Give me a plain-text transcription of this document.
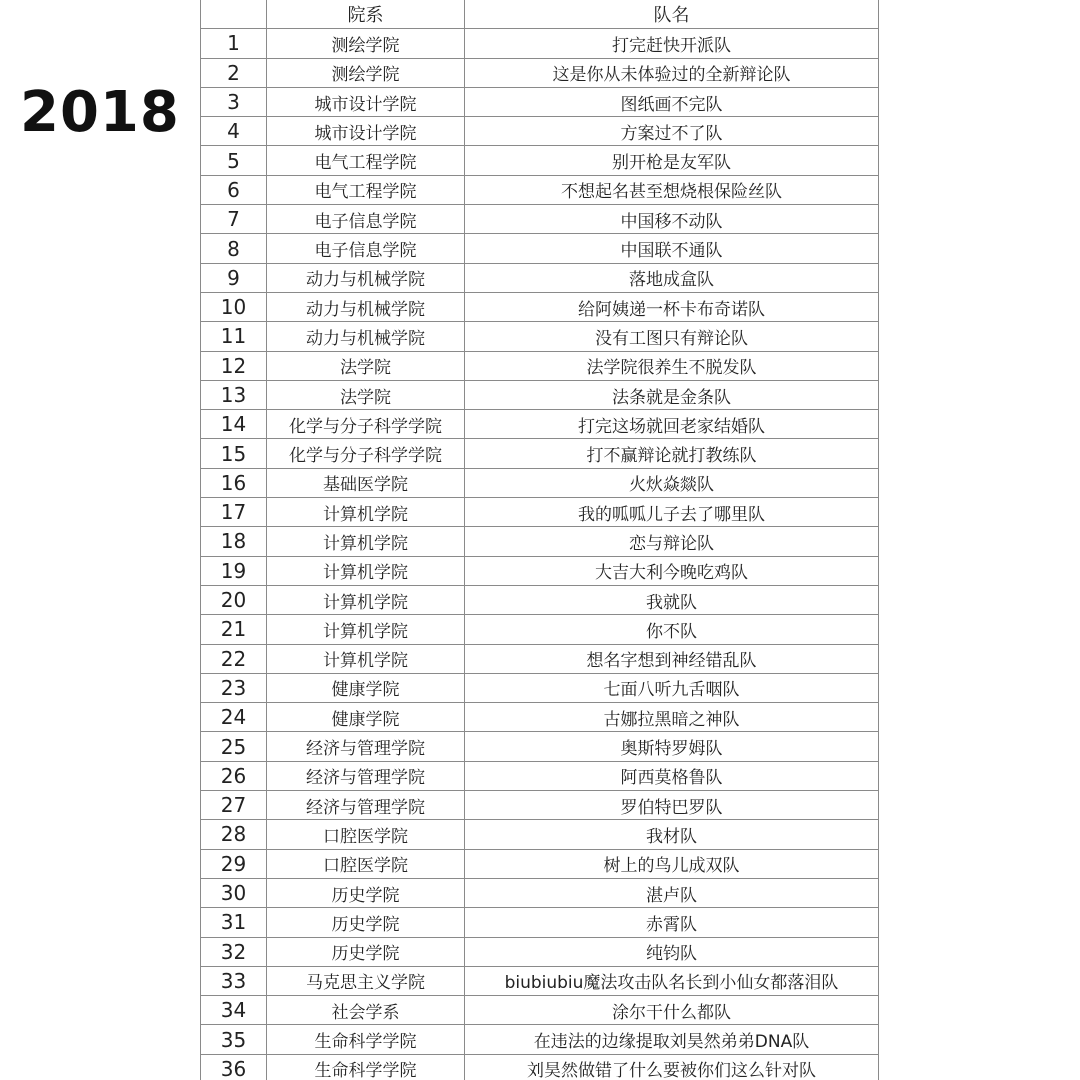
2018
	院系	队名
1	测绘学院	打完赶快开派队
2	测绘学院	这是你从未体验过的全新辩论队
3	城市设计学院	图纸画不完队
4	城市设计学院	方案过不了队
5	电气工程学院	别开枪是友军队
6	电气工程学院	不想起名甚至想烧根保险丝队
7	电子信息学院	中国移不动队
8	电子信息学院	中国联不通队
9	动力与机械学院	落地成盒队
10	动力与机械学院	给阿姨递一杯卡布奇诺队
11	动力与机械学院	没有工图只有辩论队
12	法学院	法学院很养生不脱发队
13	法学院	法条就是金条队
14	化学与分子科学学院	打完这场就回老家结婚队
15	化学与分子科学学院	打不赢辩论就打教练队
16	基础医学院	火炏焱燚队
17	计算机学院	我的呱呱儿子去了哪里队
18	计算机学院	恋与辩论队
19	计算机学院	大吉大利今晚吃鸡队
20	计算机学院	我就队
21	计算机学院	你不队
22	计算机学院	想名字想到神经错乱队
23	健康学院	七面八听九舌咽队
24	健康学院	古娜拉黑暗之神队
25	经济与管理学院	奥斯特罗姆队
26	经济与管理学院	阿西莫格鲁队
27	经济与管理学院	罗伯特巴罗队
28	口腔医学院	我材队
29	口腔医学院	树上的鸟儿成双队
30	历史学院	湛卢队
31	历史学院	赤霄队
32	历史学院	纯钧队
33	马克思主义学院	biubiubiu魔法攻击队名长到小仙女都落泪队
34	社会学系	涂尔干什么都队
35	生命科学学院	在违法的边缘提取刘昊然弟弟DNA队
36	生命科学学院	刘昊然做错了什么要被你们这么针对队
